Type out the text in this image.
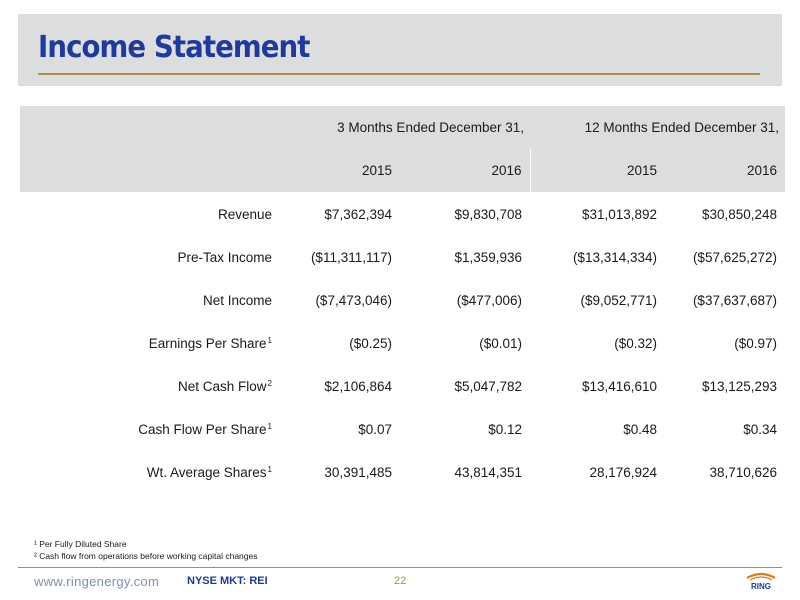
Income Statement
	3 Months Ended December 31,		12 Months Ended December 31,	
	2015	2016	2015	2016
Revenue	$7,362,394	$9,830,708	$31,013,892	$30,850,248
Pre-Tax Income	($11,311,117)	$1,359,936	($13,314,334)	($57,625,272)
Net Income	($7,473,046)	($477,006)	($9,052,771)	($37,637,687)
Earnings Per Share$^1$	($0.25)	($0.01)	($0.32)	($0.97)
Net Cash Flow$^2$	$2,106,864	$5,047,782	$13,416,610	$13,125,293
Cash Flow Per Share$^1$	$0.07	$0.12	$0.48	$0.34
Wt. Average Shares$^1$	30,391,485	43,814,351	28,176,924	38,710,626
¹ Per Fully Diluted Share
² Cash flow from operations before working capital changes
www.ringenergy.com	NYSE MKT: REI	22	RING
